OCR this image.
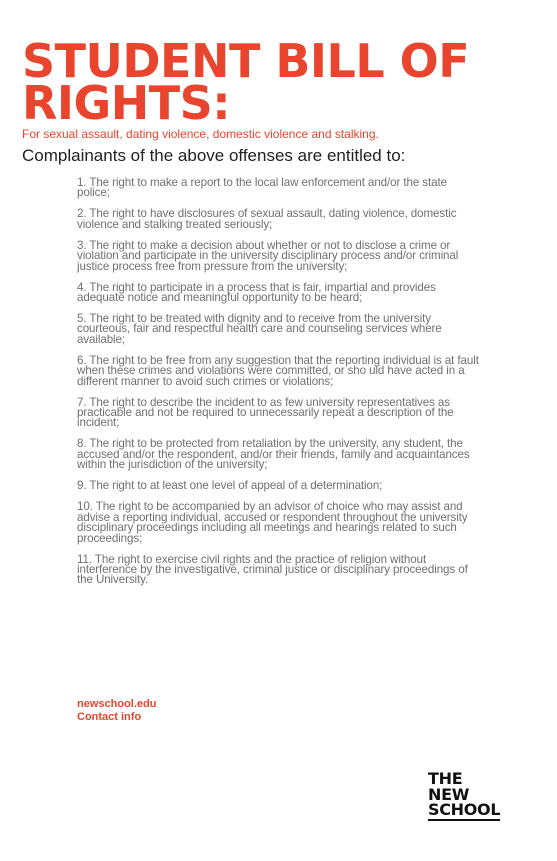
STUDENT BILL OF RIGHTS:
For sexual assault, dating violence, domestic violence and stalking.
Complainants of the above offenses are entitled to:
1. The right to make a report to the local law enforcement and/or the state police;
2. The right to have disclosures of sexual assault, dating violence, domestic violence and stalking treated seriously;
3. The right to make a decision about whether or not to disclose a crime or violation and participate in the university disciplinary process and/or criminal justice process free from pressure from the university;
4. The right to participate in a process that is fair, impartial and provides adequate notice and meaningful opportunity to be heard;
5. The right to be treated with dignity and to receive from the university courteous, fair and respectful health care and counseling services where available;
6. The right to be free from any suggestion that the reporting individual is at fault when these crimes and violations were committed, or sho uld have acted in a different manner to avoid such crimes or violations;
7. The right to describe the incident to as few university representatives as practicable and not be required to unnecessarily repeat a description of the incident;
8. The right to be protected from retaliation by the university, any student, the accused and/or the respondent, and/or their friends, family and acquaintances within the jurisdiction of the university;
9. The right to at least one level of appeal of a determination;
10. The right to be accompanied by an advisor of choice who may assist and advise a reporting individual, accused or respondent throughout the university disciplinary proceedings including all meetings and hearings related to such proceedings;
11. The right to exercise civil rights and the practice of religion without interference by the investigative, criminal justice or disciplinary proceedings of the University.
newschool.edu
Contact info
THE
NEW
SCHOOL
